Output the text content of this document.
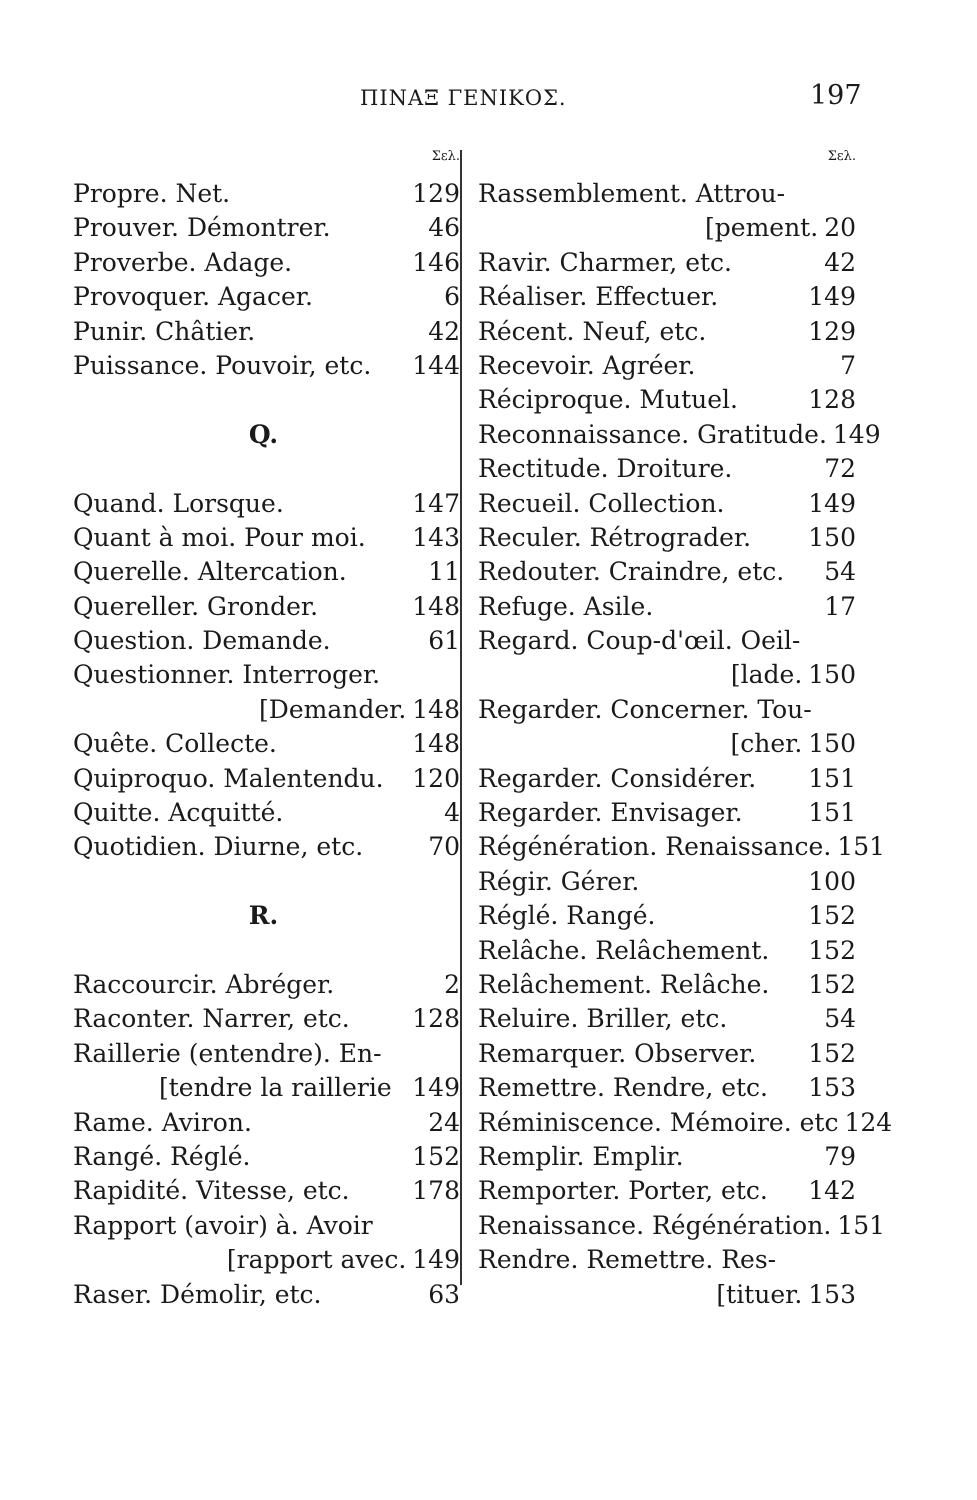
ΠΙΝΑΞ ΓΕΝΙΚΟΣ.	197
Σελ.
Propre. Net.	129
Prouver. Démontrer.	46
Proverbe. Adage.	146
Provoquer. Agacer.	6
Punir. Châtier.	42
Puissance. Pouvoir, etc.	144
Q.
Quand. Lorsque.	147
Quant à moi. Pour moi.	143
Querelle. Altercation.	11
Quereller. Gronder.	148
Question. Demande.	61
Questionner. Interroger.
[Demander. 148
Quête. Collecte.	148
Quiproquo. Malentendu.	120
Quitte. Acquitté.	4
Quotidien. Diurne, etc.	70
R.
Raccourcir. Abréger.	2
Raconter. Narrer, etc.	128
Raillerie (entendre). En-
[tendre la raillerie 149
Rame. Aviron.	24
Rangé. Réglé.	152
Rapidité. Vitesse, etc.	178
Rapport (avoir) à. Avoir
[rapport avec. 149
Raser. Démolir, etc.	63
Σελ.
Rassemblement. Attrou-
[pement. 20
Ravir. Charmer, etc.	42
Réaliser. Effectuer.	149
Récent. Neuf, etc.	129
Recevoir. Agréer.	7
Réciproque. Mutuel.	128
Reconnaissance. Gratitude. 149
Rectitude. Droiture.	72
Recueil. Collection.	149
Reculer. Rétrograder.	150
Redouter. Craindre, etc.	54
Refuge. Asile.	17
Regard. Coup-d'œil. Oeil-
[lade. 150
Regarder. Concerner. Tou-
[cher. 150
Regarder. Considérer.	151
Regarder. Envisager.	151
Régénération. Renaissance. 151
Régir. Gérer.	100
Réglé. Rangé.	152
Relâche. Relâchement.	152
Relâchement. Relâche.	152
Reluire. Briller, etc.	54
Remarquer. Observer.	152
Remettre. Rendre, etc.	153
Réminiscence. Mémoire. etc 124
Remplir. Emplir.	79
Remporter. Porter, etc.	142
Renaissance. Régénération. 151
Rendre. Remettre. Res-
[tituer. 153
